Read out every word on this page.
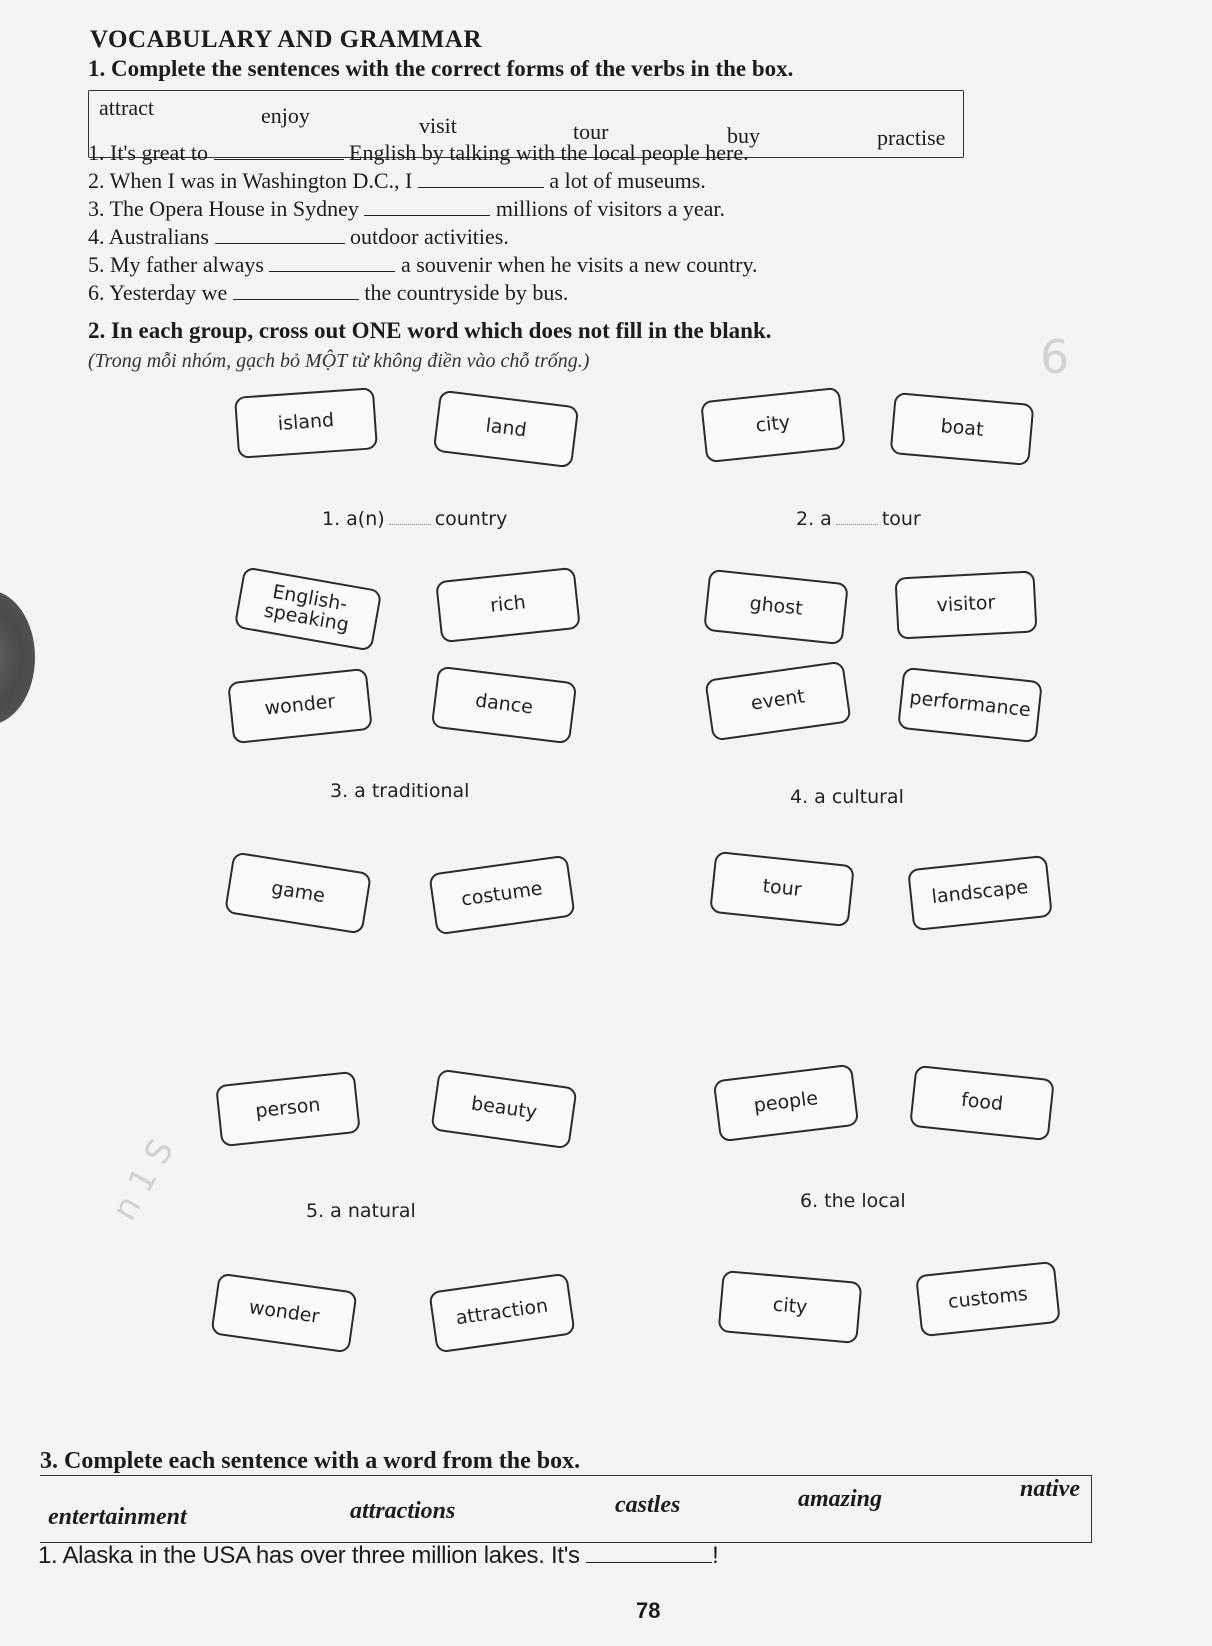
6
n 1 S
VOCABULARY AND GRAMMAR
1. Complete the sentences with the correct forms of the verbs in the box.
attract	enjoy	visit	tour	buy	practise
1. It's great to	English by talking with the local people here.
2. When I was in Washington D.C., I	a lot of museums.
3. The Opera House in Sydney	millions of visitors a year.
4. Australians	outdoor activities.
5. My father always	a souvenir when he visits a new country.
6. Yesterday we	the countryside by bus.
2. In each group, cross out ONE word which does not fill in the blank.
(Trong mỗi nhóm, gạch bỏ MỘT từ không điền vào chỗ trống.)
island	land
1. a(n)	country
English-speaking	rich
city	boat
2. a	tour
ghost	visitor
wonder	dance
3. a traditional
game	costume
event	performance
4. a cultural
tour	landscape
person	beauty
5. a natural
wonder	attraction
people	food
6. the local
city	customs
3. Complete each sentence with a word from the box.
entertainment	attractions	castles	amazing	native
1. Alaska in the USA has over three million lakes. It's	!
78
